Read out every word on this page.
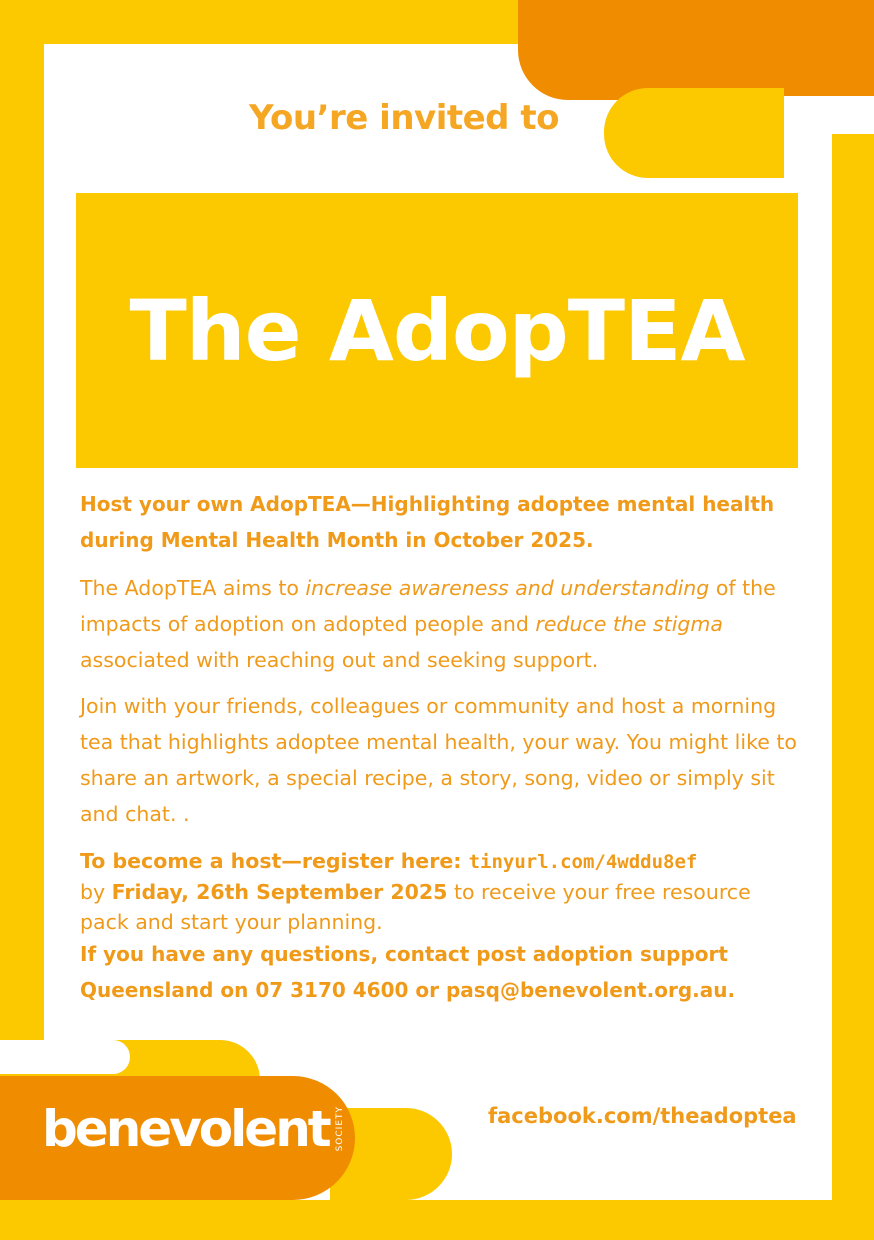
You’re invited to
The AdopTEA
Host your own AdopTEA—Highlighting adoptee mental health
during Mental Health Month in October 2025.
The AdopTEA aims to increase awareness and understanding of the impacts of adoption on adopted people and reduce the stigma associated with reaching out and seeking support.
Join with your friends, colleagues or community and host a morning tea that highlights adoptee mental health, your way. You might like to share an artwork, a special recipe, a story, song, video or simply sit and chat. .
To become a host—register here: tinyurl.com/4wddu8ef
by Friday, 26th September 2025 to receive your free resource pack and start your planning.
If you have any questions, contact post adoption support Queensland on 07 3170 4600 or pasq@benevolent.org.au.
benevolent SOCIETY	facebook.com/theadoptea
